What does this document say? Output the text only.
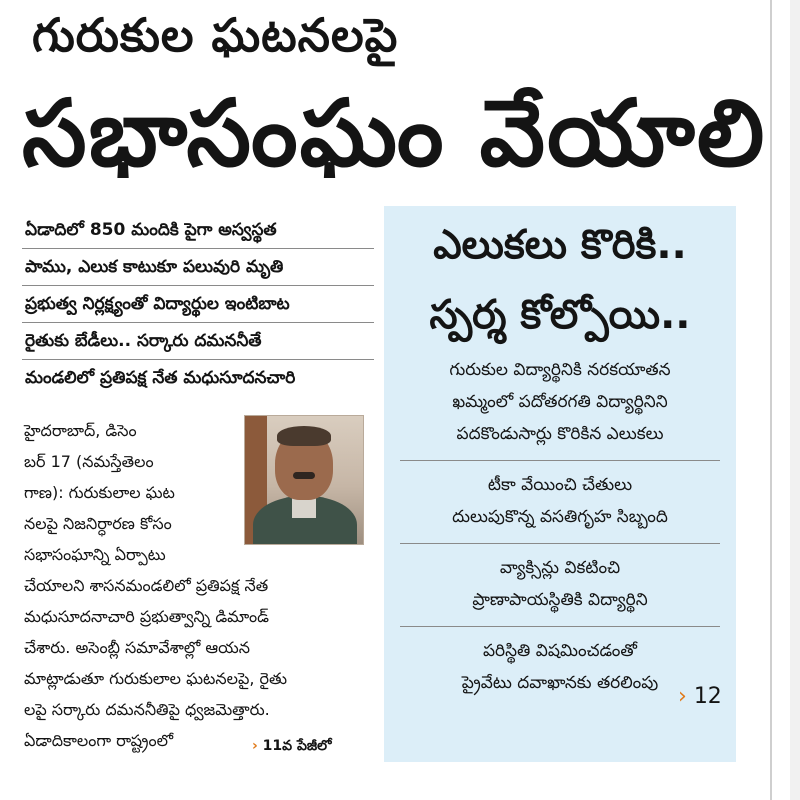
గురుకుల ఘటనలపై
సభాసంఘం వేయాలి
ఏడాదిలో 850 మందికి పైగా అస్వస్థత
పాము, ఎలుక కాటుకూ పలువురి మృతి
ప్రభుత్వ నిర్లక్ష్యంతో విద్యార్థుల ఇంటిబాట
రైతుకు బేడీలు.. సర్కారు దమననీతే
మండలిలో ప్రతిపక్ష నేత మధుసూదనచారి
హైదరాబాద్, డిసెం
బర్ 17 (నమస్తేతెలం
గాణ): గురుకులాల ఘట
నలపై నిజనిర్ధారణ కోసం
సభాసంఘాన్ని ఏర్పాటు
చేయాలని శాసనమండలిలో ప్రతిపక్ష నేత
మధుసూదనాచారి ప్రభుత్వాన్ని డిమాండ్
చేశారు. అసెంబ్లీ సమావేశాల్లో ఆయన
మాట్లాడుతూ గురుకులాల ఘటనలపై, రైతు
లపై సర్కారు దమననీతిపై ధ్వజమెత్తారు.
ఏడాదికాలంగా రాష్ట్రంలో	› 11వ పేజీలో
ఎలుకలు కొరికి..
స్పర్శ కోల్పోయి..
గురుకుల విద్యార్థినికి నరకయాతన
ఖమ్మంలో పదోతరగతి విద్యార్థినిని
పదకొండుసార్లు కొరికిన ఎలుకలు
టీకా వేయించి చేతులు
దులుపుకొన్న వసతిగృహ సిబ్బంది
వ్యాక్సిన్లు వికటించి
ప్రాణాపాయస్థితికి విద్యార్థిని
పరిస్థితి విషమించడంతో
ప్రైవేటు దవాఖానకు తరలింపు
› 12
